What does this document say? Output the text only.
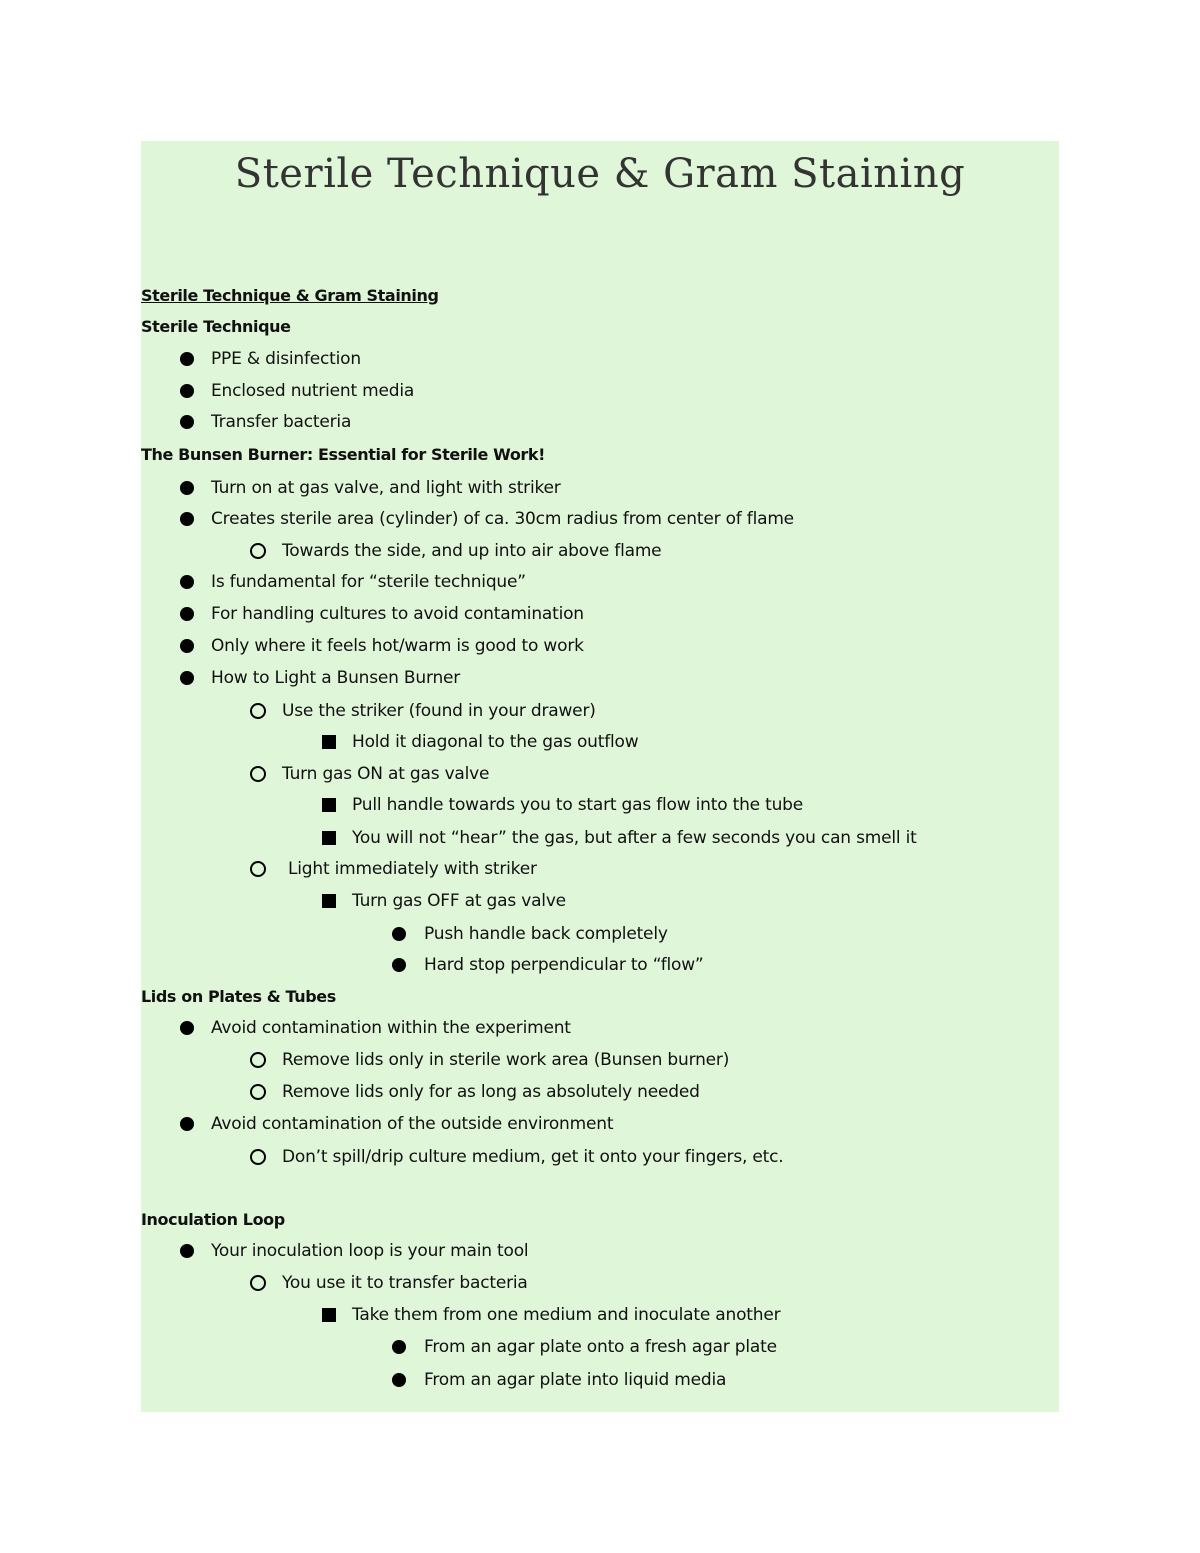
Sterile Technique & Gram Staining
Sterile Technique & Gram Staining
Sterile Technique
PPE & disinfection
Enclosed nutrient media
Transfer bacteria
The Bunsen Burner: Essential for Sterile Work!
Turn on at gas valve, and light with striker
Creates sterile area (cylinder) of ca. 30cm radius from center of flame
Towards the side, and up into air above flame
Is fundamental for “sterile technique”
For handling cultures to avoid contamination
Only where it feels hot/warm is good to work
How to Light a Bunsen Burner
Use the striker (found in your drawer)
Hold it diagonal to the gas outflow
Turn gas ON at gas valve
Pull handle towards you to start gas flow into the tube
You will not “hear” the gas, but after a few seconds you can smell it
Light immediately with striker
Turn gas OFF at gas valve
Push handle back completely
Hard stop perpendicular to “flow”
Lids on Plates & Tubes
Avoid contamination within the experiment
Remove lids only in sterile work area (Bunsen burner)
Remove lids only for as long as absolutely needed
Avoid contamination of the outside environment
Don’t spill/drip culture medium, get it onto your fingers, etc.
Inoculation Loop
Your inoculation loop is your main tool
You use it to transfer bacteria
Take them from one medium and inoculate another
From an agar plate onto a fresh agar plate
From an agar plate into liquid media
